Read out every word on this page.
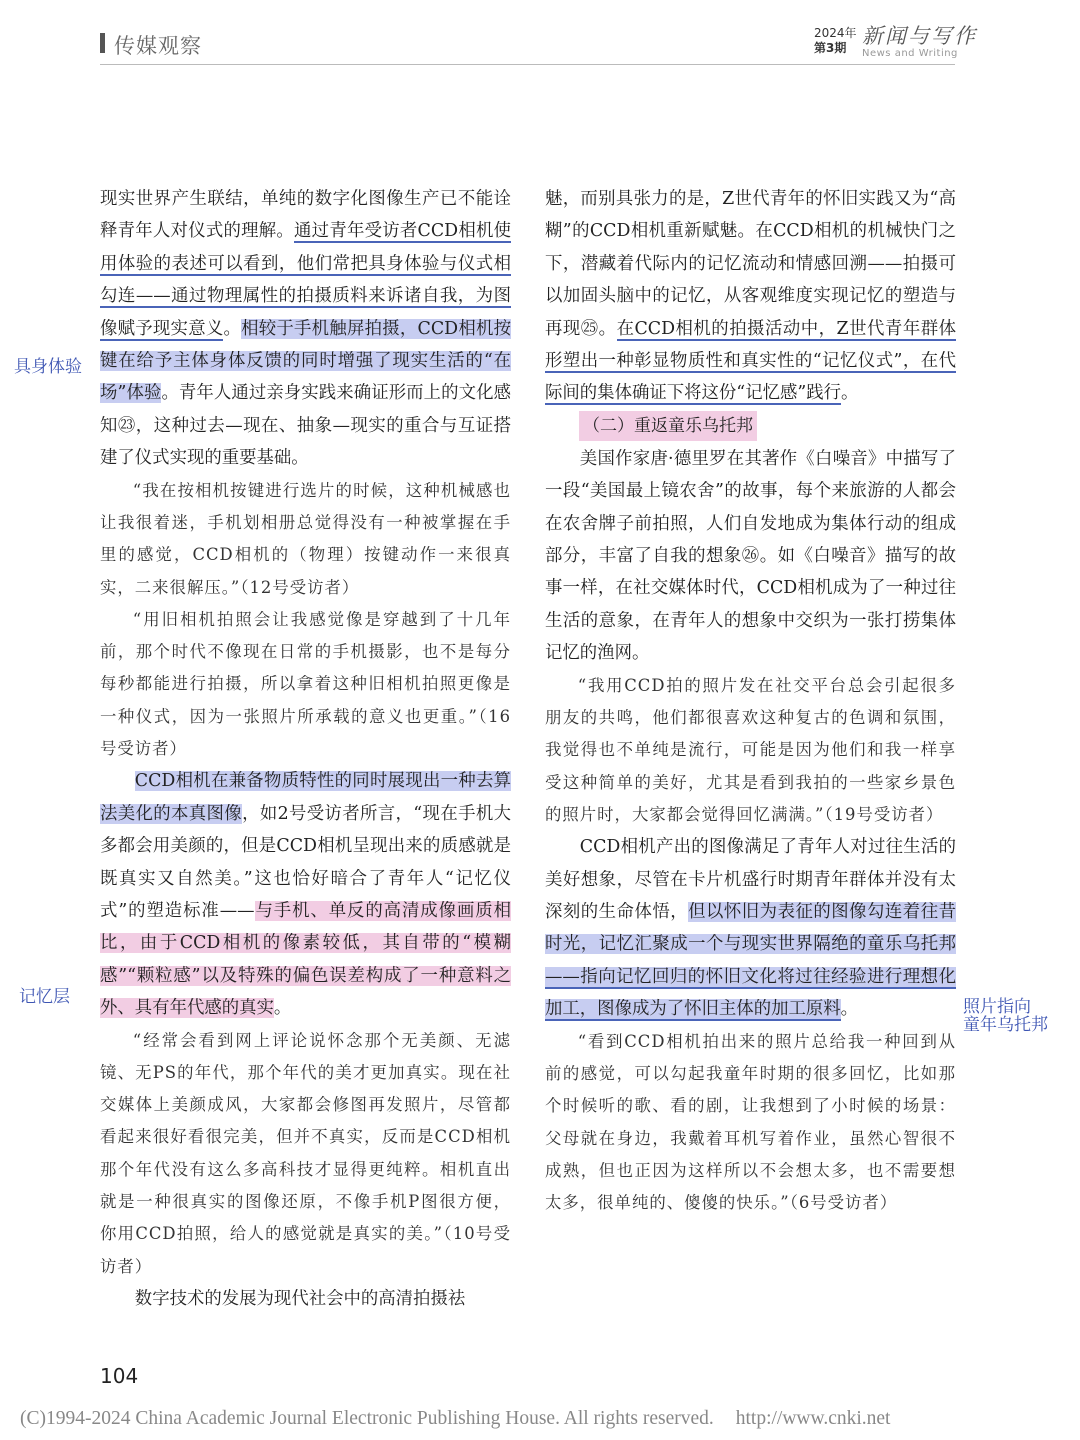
传媒观察
2024年
第3期 新闻与写作
News and Writing

现实世界产生联结，单纯的数字化图像生产已不能诠释青年人对仪式的理解。通过青年受访者CCD相机使用体验的表述可以看到，他们常把具身体验与仪式相勾连——通过物理属性的拍摄质料来诉诸自我，为图像赋予现实意义。相较于手机触屏拍摄，CCD相机按键在给予主体身体反馈的同时增强了现实生活的“在场”体验。青年人通过亲身实践来确证形而上的文化感知㉓，这种过去—现在、抽象—现实的重合与互证搭建了仪式实现的重要基础。

“我在按相机按键进行选片的时候，这种机械感也让我很着迷，手机划相册总觉得没有一种被掌握在手里的感觉，CCD相机的（物理）按键动作一来很真实，二来很解压。”（12号受访者）

“用旧相机拍照会让我感觉像是穿越到了十几年前，那个时代不像现在日常的手机摄影，也不是每分每秒都能进行拍摄，所以拿着这种旧相机拍照更像是一种仪式，因为一张照片所承载的意义也更重。”（16号受访者）

CCD相机在兼备物质特性的同时展现出一种去算法美化的本真图像，如2号受访者所言，“现在手机大多都会用美颜的，但是CCD相机呈现出来的质感就是既真实又自然美。”这也恰好暗合了青年人“记忆仪式”的塑造标准——与手机、单反的高清成像画质相比，由于CCD相机的像素较低，其自带的“模糊感”“颗粒感”以及特殊的偏色误差构成了一种意料之外、具有年代感的真实。

“经常会看到网上评论说怀念那个无美颜、无滤镜、无PS的年代，那个年代的美才更加真实。现在社交媒体上美颜成风，大家都会修图再发照片，尽管都看起来很好看很完美，但并不真实，反而是CCD相机那个年代没有这么多高科技才显得更纯粹。相机直出就是一种很真实的图像还原，不像手机P图很方便，你用CCD拍照，给人的感觉就是真实的美。”（10号受访者）

数字技术的发展为现代社会中的高清拍摄祛

魅，而别具张力的是，Z世代青年的怀旧实践又为“高糊”的CCD相机重新赋魅。在CCD相机的机械快门之下，潜藏着代际内的记忆流动和情感回溯——拍摄可以加固头脑中的记忆，从客观维度实现记忆的塑造与再现㉕。在CCD相机的拍摄活动中，Z世代青年群体形塑出一种彰显物质性和真实性的“记忆仪式”，在代际间的集体确证下将这份“记忆感”践行。

（二）重返童乐乌托邦

美国作家唐·德里罗在其著作《白噪音》中描写了一段“美国最上镜农舍”的故事，每个来旅游的人都会在农舍牌子前拍照，人们自发地成为集体行动的组成部分，丰富了自我的想象㉖。如《白噪音》描写的故事一样，在社交媒体时代，CCD相机成为了一种过往生活的意象，在青年人的想象中交织为一张打捞集体记忆的渔网。

“我用CCD拍的照片发在社交平台总会引起很多朋友的共鸣，他们都很喜欢这种复古的色调和氛围，我觉得也不单纯是流行，可能是因为他们和我一样享受这种简单的美好，尤其是看到我拍的一些家乡景色的照片时，大家都会觉得回忆满满。”（19号受访者）

CCD相机产出的图像满足了青年人对过往生活的美好想象，尽管在卡片机盛行时期青年群体并没有太深刻的生命体悟，但以怀旧为表征的图像勾连着往昔时光，记忆汇聚成一个与现实世界隔绝的童乐乌托邦——指向记忆回归的怀旧文化将过往经验进行理想化加工，图像成为了怀旧主体的加工原料。

“看到CCD相机拍出来的照片总给我一种回到从前的感觉，可以勾起我童年时期的很多回忆，比如那个时候听的歌、看的剧，让我想到了小时候的场景：父母就在身边，我戴着耳机写着作业，虽然心智很不成熟，但也正因为这样所以不会想太多，也不需要想太多，很单纯的、傻傻的快乐。”（6号受访者）

具身体验
记忆层	照片指向
童年乌托邦
104
(C)1994-2024 China Academic Journal Electronic Publishing House. All rights reserved. http://www.cnki.net
